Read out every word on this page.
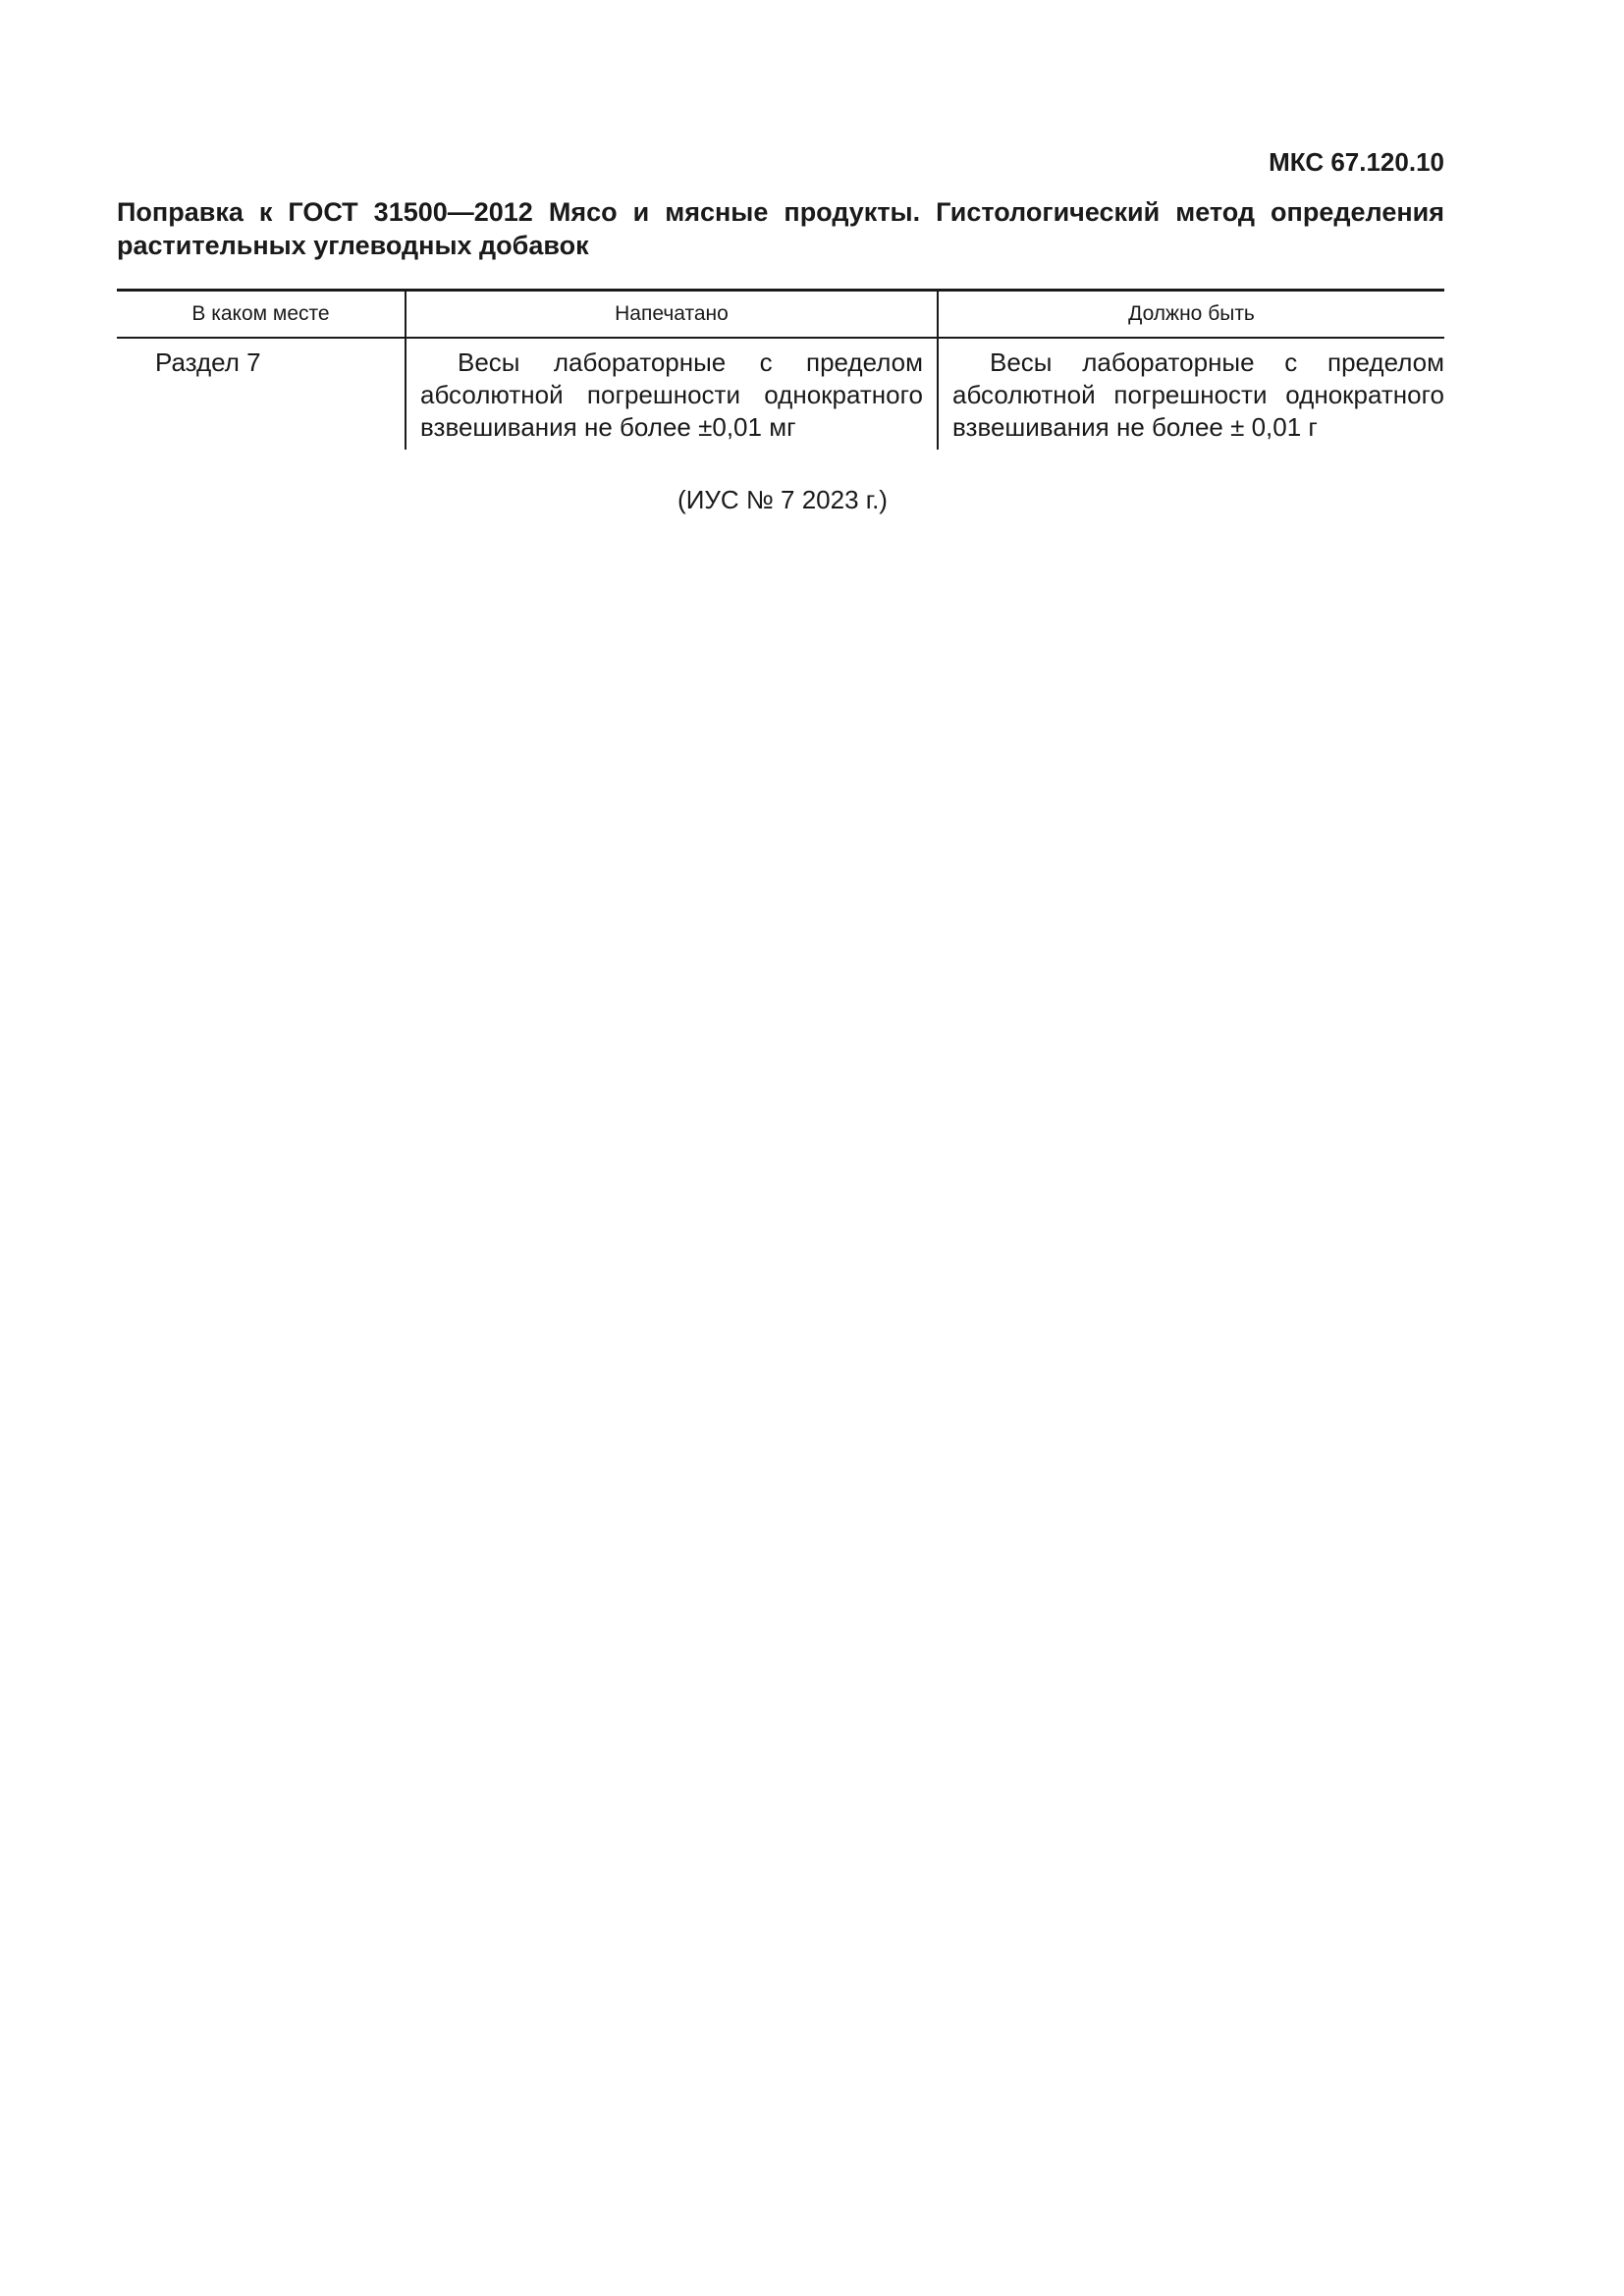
МКС 67.120.10
Поправка к ГОСТ 31500—2012 Мясо и мясные продукты. Гистологический метод определения растительных углеводных добавок
В каком месте	Напечатано	Должно быть
Раздел 7	Весы лабораторные с пределом абсолютной погрешности однократного взвешивания не более ±0,01 мг	Весы лабораторные с пределом абсолютной погрешности однократного взвешивания не более ± 0,01 г
(ИУС № 7 2023 г.)
